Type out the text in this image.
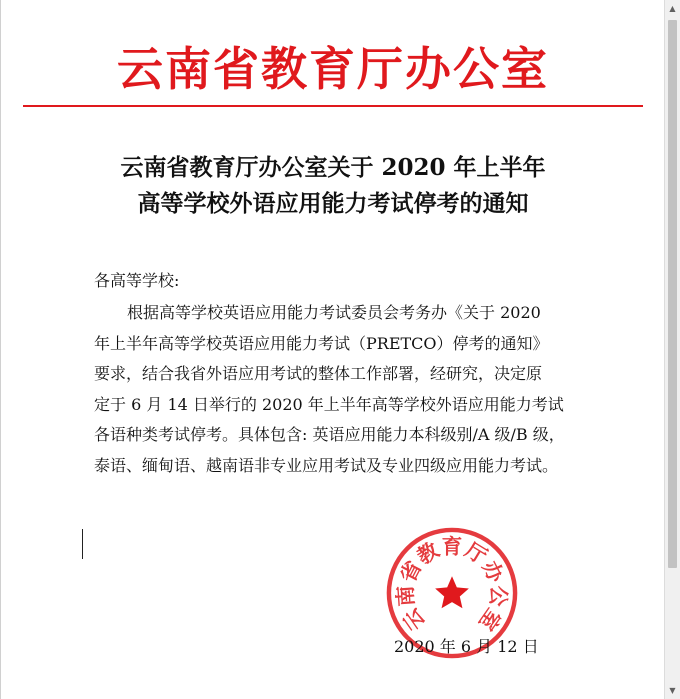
云南省教育厅办公室
云南省教育厅办公室关于 2020 年上半年
高等学校外语应用能力考试停考的通知
各高等学校:
根据高等学校英语应用能力考试委员会考务办《关于 2020
年上半年高等学校英语应用能力考试（PRETCO）停考的通知》
要求，结合我省外语应用考试的整体工作部署，经研究，决定原
定于 6 月 14 日举行的 2020 年上半年高等学校外语应用能力考试
各语种类考试停考。具体包含: 英语应用能力本科级别/A 级/B 级，
泰语、缅甸语、越南语非专业应用考试及专业四级应用能力考试。
云
南
省
教
育
厅
办
公
室
2020 年 6 月 12 日
▲
▼
